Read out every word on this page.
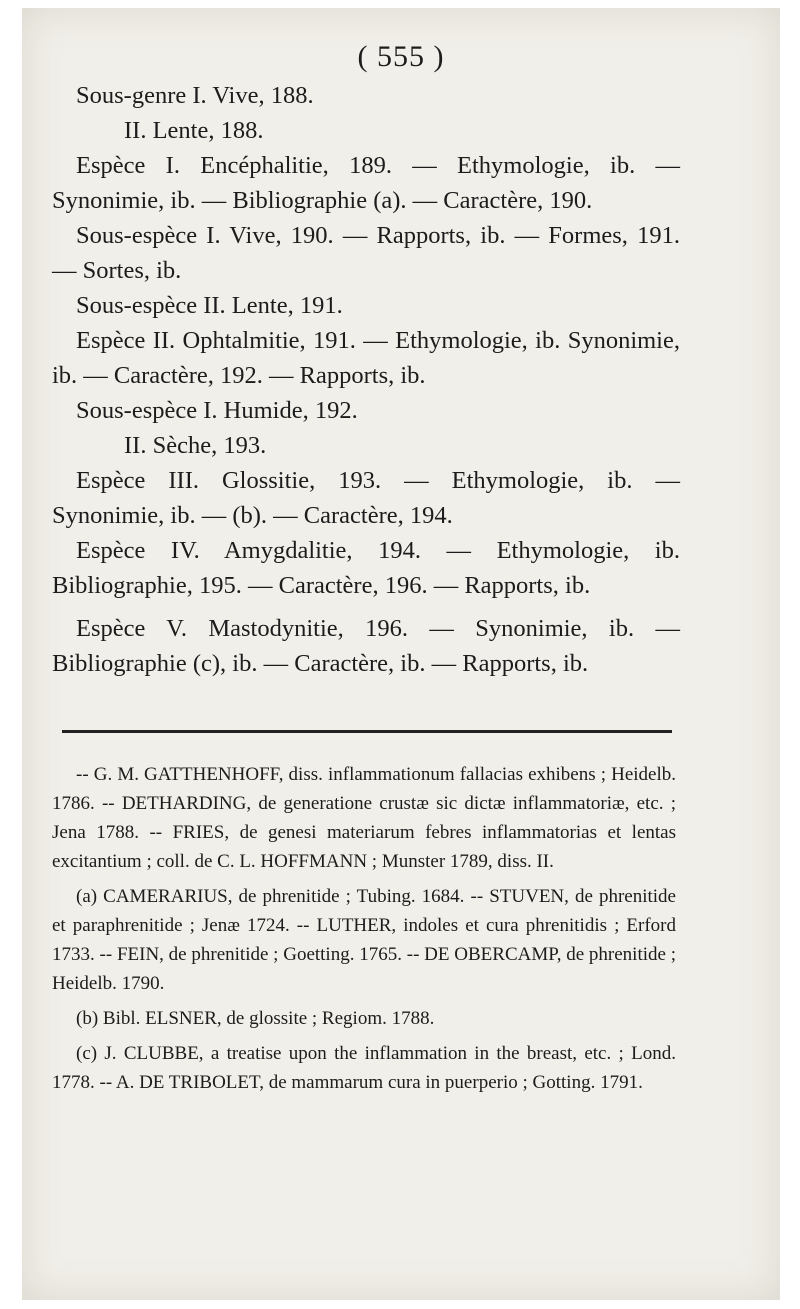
( 555 )

Sous-genre I. Vive, 188.

II. Lente, 188.

Espèce I. Encéphalitie, 189. — Ethymologie, ib. — Synonimie, ib. — Bibliographie (a). — Caractère, 190.

Sous-espèce I. Vive, 190. — Rapports, ib. — Formes, 191. — Sortes, ib.

Sous-espèce II. Lente, 191.

Espèce II. Ophtalmitie, 191. — Ethymologie, ib. Synonimie, ib. — Caractère, 192. — Rapports, ib.

Sous-espèce I. Humide, 192.

II. Sèche, 193.

Espèce III. Glossitie, 193. — Ethymologie, ib. — Synonimie, ib. — (b). — Caractère, 194.

Espèce IV. Amygdalitie, 194. — Ethymologie, ib. Bibliographie, 195. — Caractère, 196. — Rapports, ib.

Espèce V. Mastodynitie, 196. — Synonimie, ib. — Bibliographie (c), ib. — Caractère, ib. — Rapports, ib.

-- G. M. GATTHENHOFF, diss. inflammationum fallacias exhibens ; Heidelb. 1786. -- DETHARDING, de generatione crustæ sic dictæ inflammatoriæ, etc. ; Jena 1788. -- FRIES, de genesi materiarum febres inflammatorias et lentas excitantium ; coll. de C. L. HOFFMANN ; Munster 1789, diss. II.

(a) CAMERARIUS, de phrenitide ; Tubing. 1684. -- STUVEN, de phrenitide et paraphrenitide ; Jenæ 1724. -- LUTHER, indoles et cura phrenitidis ; Erford 1733. -- FEIN, de phrenitide ; Goetting. 1765. -- DE OBERCAMP, de phrenitide ; Heidelb. 1790.

(b) Bibl. ELSNER, de glossite ; Regiom. 1788.

(c) J. CLUBBE, a treatise upon the inflammation in the breast, etc. ; Lond. 1778. -- A. DE TRIBOLET, de mammarum cura in puerperio ; Gotting. 1791.
